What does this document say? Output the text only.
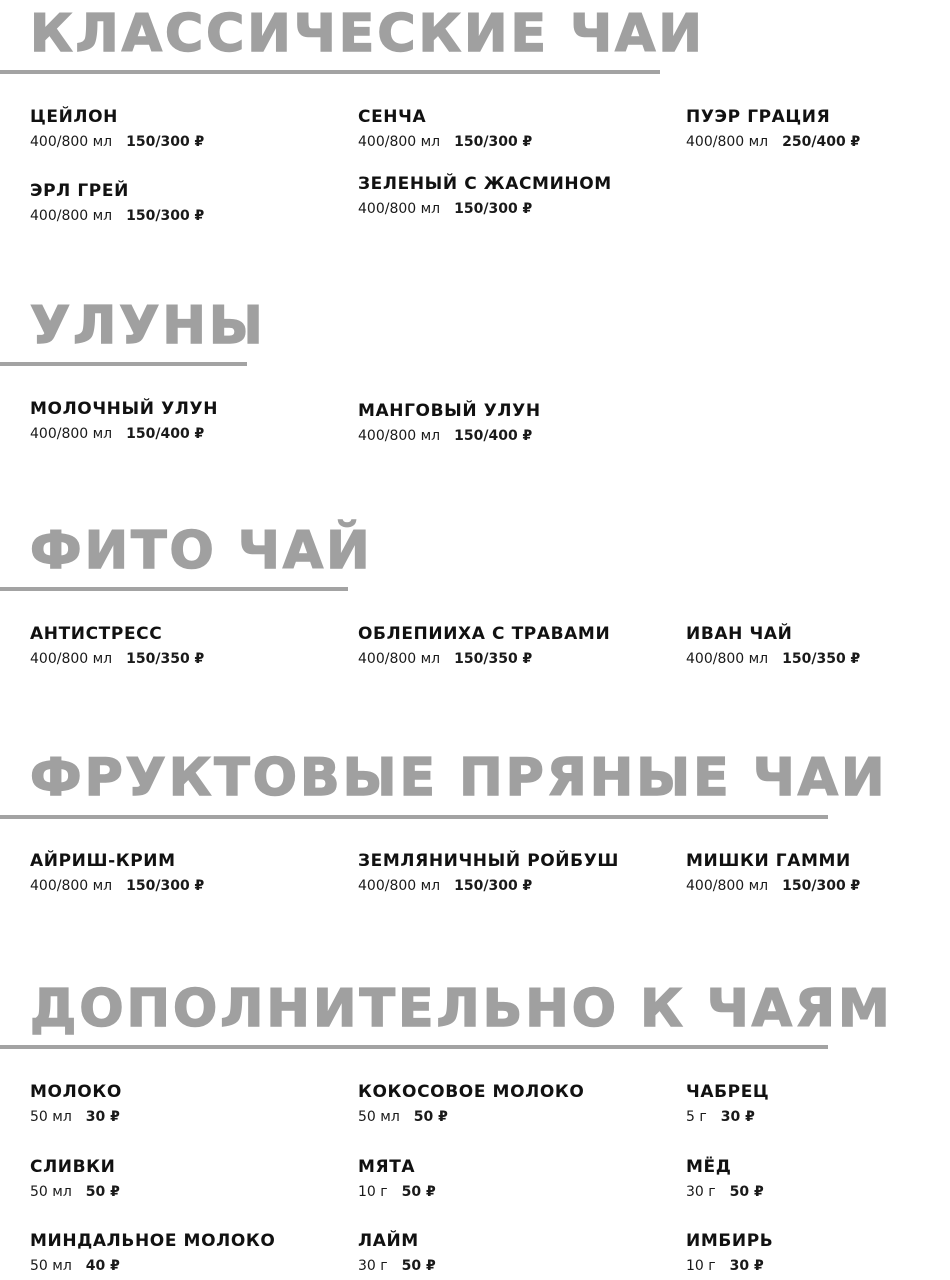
КЛАССИЧЕСКИЕ ЧАИ
ЦЕЙЛОН
400/800 мл 150/300 ₽
СЕНЧА
400/800 мл 150/300 ₽
ПУЭР ГРАЦИЯ
400/800 мл 250/400 ₽
ЭРЛ ГРЕЙ
400/800 мл 150/300 ₽
ЗЕЛЕНЫЙ С ЖАСМИНОМ
400/800 мл 150/300 ₽
УЛУНЫ
МОЛОЧНЫЙ УЛУН
400/800 мл 150/400 ₽
МАНГОВЫЙ УЛУН
400/800 мл 150/400 ₽
ФИТО ЧАЙ
АНТИСТРЕСС
400/800 мл 150/350 ₽
ОБЛЕПИИХА С ТРАВАМИ
400/800 мл 150/350 ₽
ИВАН ЧАЙ
400/800 мл 150/350 ₽
ФРУКТОВЫЕ ПРЯНЫЕ ЧАИ
АЙРИШ-КРИМ
400/800 мл 150/300 ₽
ЗЕМЛЯНИЧНЫЙ РОЙБУШ
400/800 мл 150/300 ₽
МИШКИ ГАММИ
400/800 мл 150/300 ₽
ДОПОЛНИТЕЛЬНО К ЧАЯМ
МОЛОКО
50 мл 30 ₽
КОКОСОВОЕ МОЛОКО
50 мл 50 ₽
ЧАБРЕЦ
5 г 30 ₽
СЛИВКИ
50 мл 50 ₽
МЯТА
10 г 50 ₽
МЁД
30 г 50 ₽
МИНДАЛЬНОЕ МОЛОКО
50 мл 40 ₽
ЛАЙМ
30 г 50 ₽
ИМБИРЬ
10 г 30 ₽
